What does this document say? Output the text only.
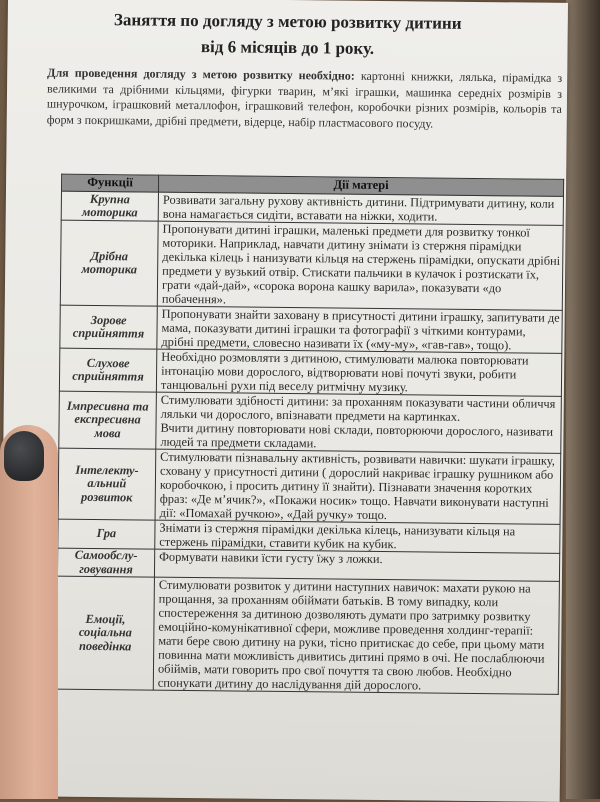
Заняття по догляду з метою розвитку дитини
від 6 місяців до 1 року.
Для проведення догляду з метою розвитку необхідно: картонні книжки, лялька, пірамідка з великими та дрібними кільцями, фігурки тварин, м’які іграшки, машинка середніх розмірів з шнурочком, іграшковий металлофон, іграшковий телефон, коробочки різних розмірів, кольорів та форм з покришками, дрібні предмети, відерце, набір пластмасового посуду.
Функції	Дії матері
Крупна моторика	Розвивати загальну рухову активність дитини. Підтримувати дитину, коли вона намагається сидіти, вставати на ніжки, ходити.

Дрібна моторика	Пропонувати дитині іграшки, маленькі предмети для розвитку тонкої моторики. Наприклад, навчати дитину знімати із стержня пірамідки декілька кілець і нанизувати кільця на стержень пірамідки, опускати дрібні предмети у вузький отвір. Стискати пальчики в кулачок і розтискати їх, грати «дай-дай», «сорока ворона кашку варила», показувати «до побачення».

Зорове сприйняття	Пропонувати знайти заховану в присутності дитини іграшку, запитувати де мама, показувати дитині іграшки та фотографії з чіткими контурами, дрібні предмети, словесно називати їх («му-му», «гав-гав», тощо).

Слухове сприйняття	Необхідно розмовляти з дитиною, стимулювати малюка повторювати інтонацію мови дорослого, відтворювати нові почуті звуки, робити танцювальні рухи під веселу ритмічну музику.

Імпресивна та експресивна мова	Стимулювати здібності дитини: за проханням показувати частини обличчя ляльки чи дорослого, впізнавати предмети на картинках.
Вчити дитину повторювати нові склади, повторюючи дорослого, називати людей та предмети складами.

Інтелекту-альний розвиток	Стимулювати пізнавальну активність, розвивати навички: шукати іграшку, сховану у присутності дитини ( дорослий накриває іграшку рушником або коробочкою, і просить дитину її знайти). Пізнавати значення коротких фраз: «Де м’ячик?», «Покажи носик» тощо. Навчати виконувати наступні дії: «Помахай ручкою», «Дай ручку» тощо.

Гра	Знімати із стержня пірамідки декілька кілець, нанизувати кільця на стержень пірамідки, ставити кубик на кубик.

Самообслу-говування	Формувати навики їсти густу їжу з ложки.

Емоції, соціальна поведінка	Стимулювати розвиток у дитини наступних навичок: махати рукою на прощання, за проханням обіймати батьків. В тому випадку, коли спостереження за дитиною дозволяють думати про затримку розвитку емоційно-комунікативної сфери, можливе проведення холдинг-терапії: мати бере свою дитину на руки, тісно притискає до себе, при цьому мати повинна мати можливість дивитись дитині прямо в очі. Не послаблюючи обіймів, мати говорить про свої почуття та свою любов. Необхідно спонукати дитину до наслідування дій дорослого.
